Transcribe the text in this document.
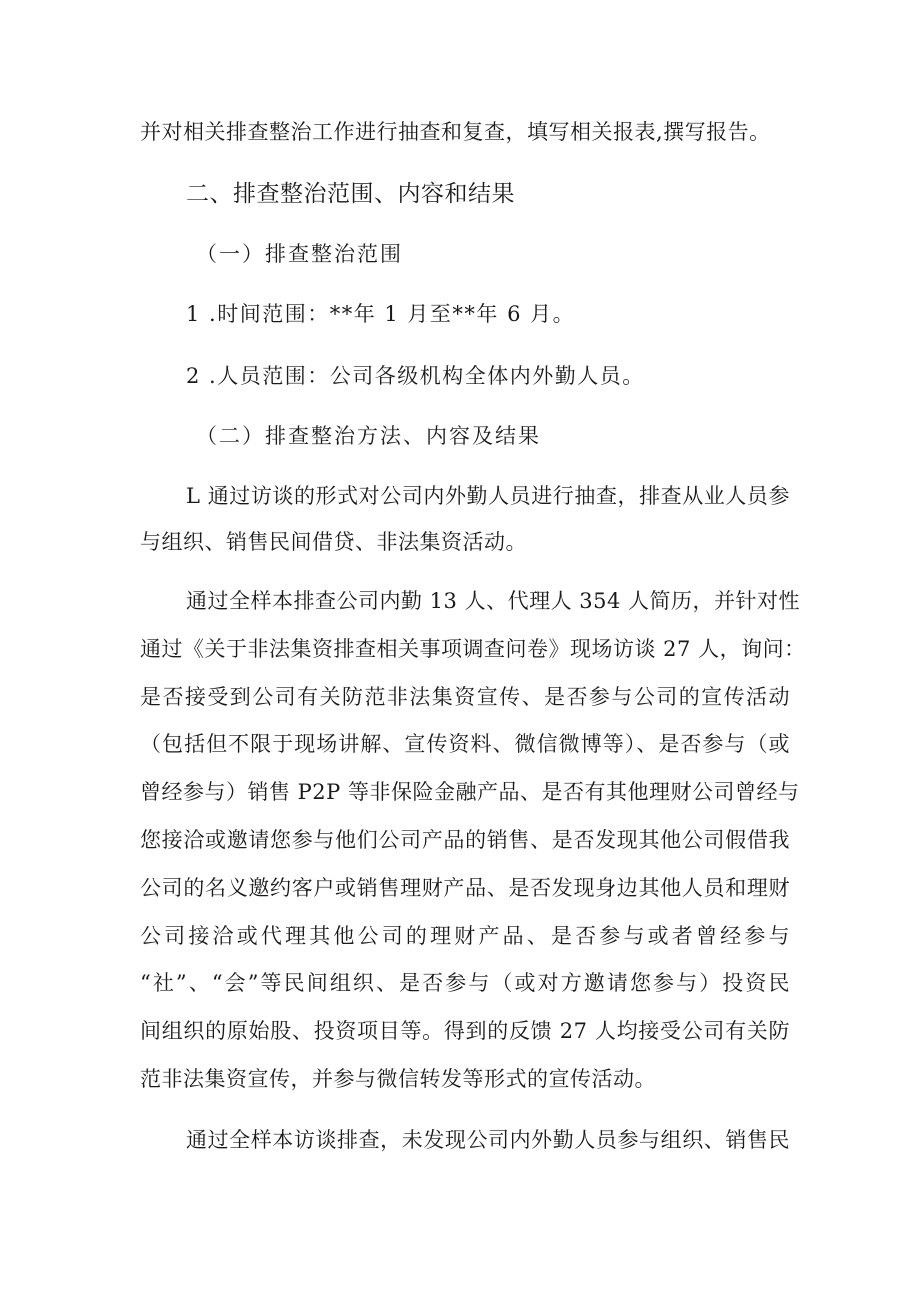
并对相关排查整治工作进行抽查和复查，填写相关报表,撰写报告。
二、排查整治范围、内容和结果
（一）排查整治范围
1 .时间范围：**年 1 月至**年 6 月。
2 .人员范围：公司各级机构全体内外勤人员。
（二）排查整治方法、内容及结果
L 通过访谈的形式对公司内外勤人员进行抽查，排查从业人员参
与组织、销售民间借贷、非法集资活动。
通过全样本排查公司内勤 13 人、代理人 354 人简历，并针对性
通过《关于非法集资排查相关事项调查问卷》现场访谈 27 人，询问：
是否接受到公司有关防范非法集资宣传、是否参与公司的宣传活动
（包括但不限于现场讲解、宣传资料、微信微博等）、是否参与（或
曾经参与）销售 P2P 等非保险金融产品、是否有其他理财公司曾经与
您接洽或邀请您参与他们公司产品的销售、是否发现其他公司假借我
公司的名义邀约客户或销售理财产品、是否发现身边其他人员和理财
公司接洽或代理其他公司的理财产品、是否参与或者曾经参与
“社”、“会”等民间组织、是否参与（或对方邀请您参与）投资民
间组织的原始股、投资项目等。得到的反馈 27 人均接受公司有关防
范非法集资宣传，并参与微信转发等形式的宣传活动。
通过全样本访谈排查，未发现公司内外勤人员参与组织、销售民
